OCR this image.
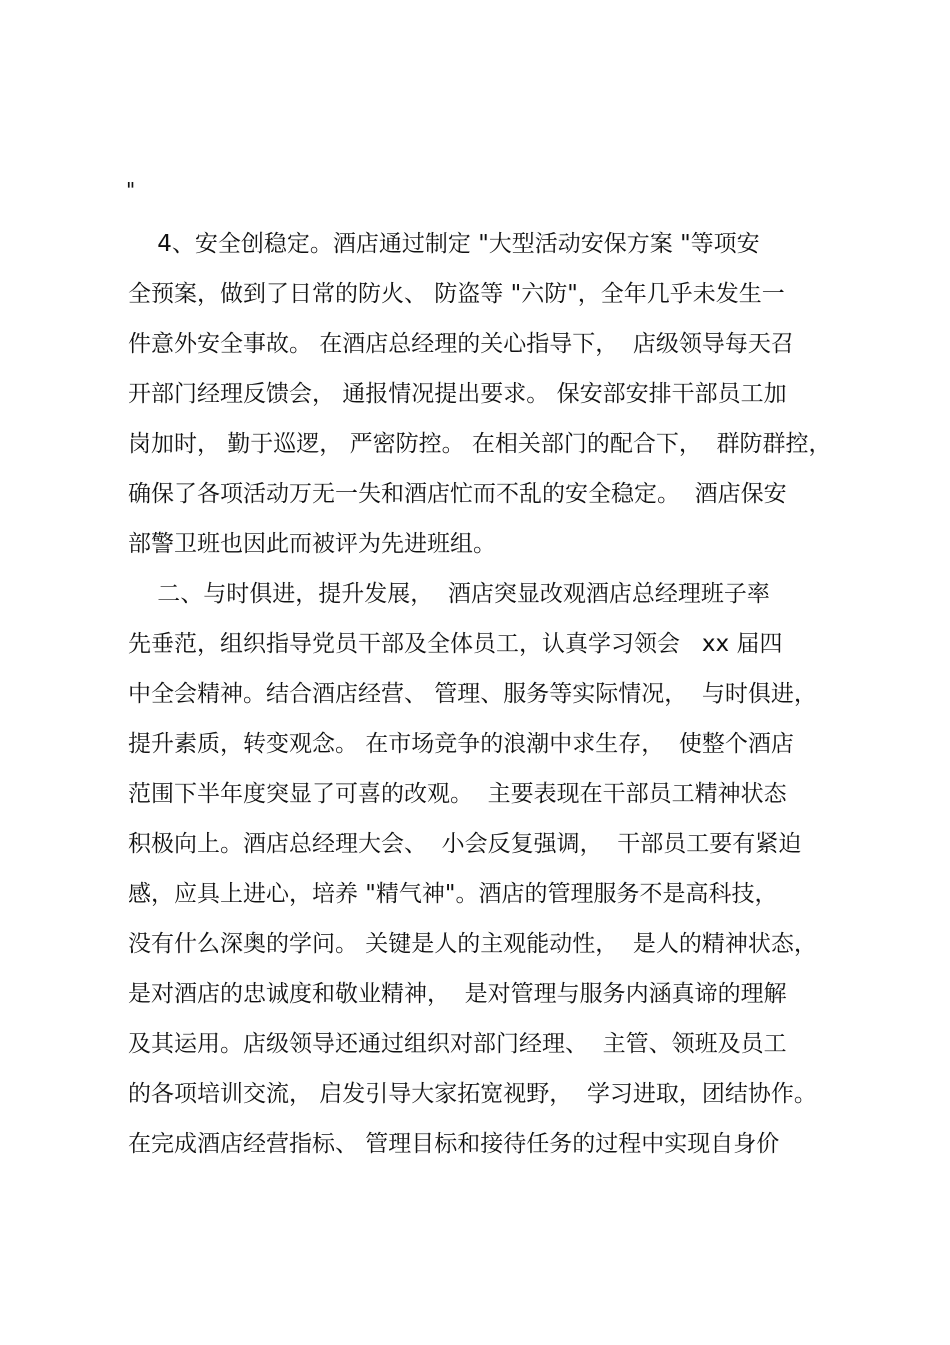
"
4、安全创稳定。酒店通过制定 "大型活动安保方案 "等项安
全预案，做到了日常的防火、 防盗等 "六防"，全年几乎未发生一
件意外安全事故。 在酒店总经理的关心指导下，  店级领导每天召
开部门经理反馈会， 通报情况提出要求。 保安部安排干部员工加
岗加时， 勤于巡逻， 严密防控。 在相关部门的配合下，  群防群控，
确保了各项活动万无一失和酒店忙而不乱的安全稳定。  酒店保安
部警卫班也因此而被评为先进班组。
二、与时俱进，提升发展，  酒店突显改观酒店总经理班子率
先垂范，组织指导党员干部及全体员工，认真学习领会   xx 届四
中全会精神。结合酒店经营、 管理、服务等实际情况，  与时俱进，
提升素质，转变观念。 在市场竞争的浪潮中求生存，  使整个酒店
范围下半年度突显了可喜的改观。  主要表现在干部员工精神状态
积极向上。酒店总经理大会、  小会反复强调，  干部员工要有紧迫
感，应具上进心，培养 "精气神"。酒店的管理服务不是高科技，
没有什么深奥的学问。 关键是人的主观能动性，  是人的精神状态，
是对酒店的忠诚度和敬业精神，  是对管理与服务内涵真谛的理解
及其运用。店级领导还通过组织对部门经理、  主管、领班及员工
的各项培训交流， 启发引导大家拓宽视野，  学习进取，团结协作。
在完成酒店经营指标、 管理目标和接待任务的过程中实现自身价
